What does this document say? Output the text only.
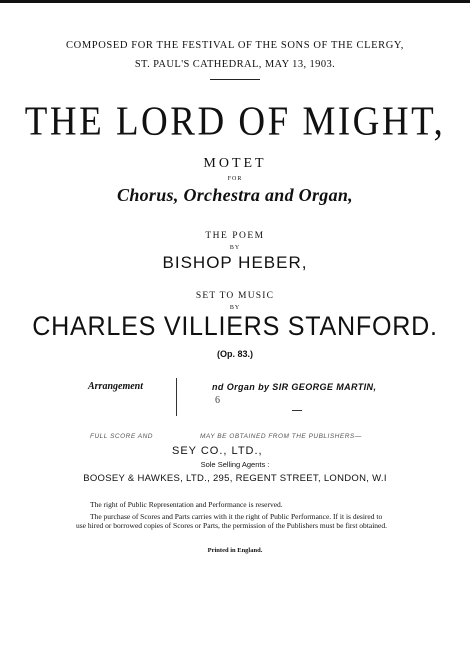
COMPOSED FOR THE FESTIVAL OF THE SONS OF THE CLERGY,
ST. PAUL'S CATHEDRAL, MAY 13, 1903.
THE LORD OF MIGHT,
MOTET
FOR
Chorus, Orchestra and Organ,
THE POEM
BY
BISHOP HEBER,
SET TO MUSIC
BY
CHARLES VILLIERS STANFORD.
(Op. 83.)
Arrangement	nd Organ by SIR GEORGE MARTIN,
6
FULL SCORE AND	MAY BE OBTAINED FROM THE PUBLISHERS—
SEY CO., LTD.,
Sole Selling Agents :
BOOSEY & HAWKES, LTD., 295, REGENT STREET, LONDON, W.I
The right of Public Representation and Performance is reserved.
The purchase of Scores and Parts carries with it the right of Public Performance. If it is desired to
use hired or borrowed copies of Scores or Parts, the permission of the Publishers must be first obtained.
Printed in England.
